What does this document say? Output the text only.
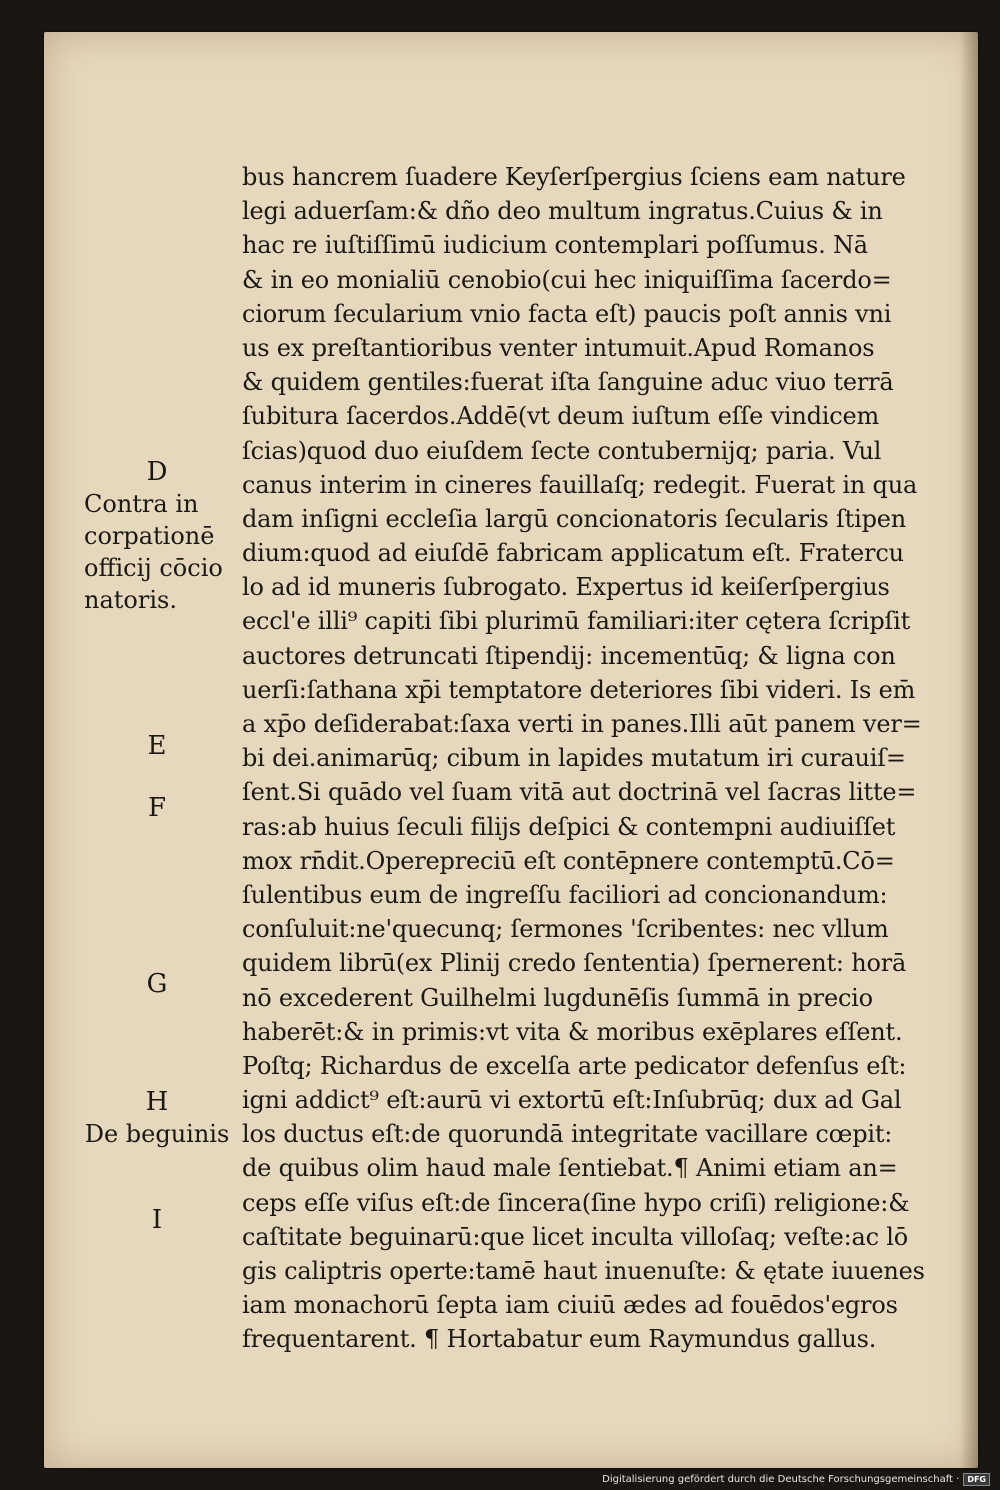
bus hancrem ſuadere Keyſerſpergius ſciens eam nature
legi aduerſam:& dño deo multum ingratus.Cuius & in
hac re iuſtiſſimū iudicium contemplari poſſumus. Nā
& in eo monialiū cenobio(cui hec iniquiſſima ſacerdo=
ciorum ſecularium vnio facta eſt) paucis poſt annis vni
us ex preſtantioribus venter intumuit.Apud Romanos
& quidem gentiles:fuerat iſta ſanguine aduc viuo terrā
ſubitura ſacerdos.Addē(vt deum iuſtum eſſe vindicem
ſcias)quod duo eiuſdem ſecte contubernijq; paria. Vul
canus interim in cineres fauillaſq; redegit. Fuerat in qua
dam inſigni eccleſia largū concionatoris ſecularis ſtipen
dium:quod ad eiuſdē fabricam applicatum eſt. Fratercu
lo ad id muneris ſubrogato. Expertus id keiſerſpergius
eccl'e illi⁹ capiti ſibi plurimū familiari:iter cętera ſcripſit
auctores detruncati ſtipendij: incementūq; & ligna con
uerſi:ſathana xp̄i temptatore deteriores ſibi videri. Is em̄
a xp̄o deſiderabat:ſaxa verti in panes.Illi aūt panem ver=
bi dei.animarūq; cibum in lapides mutatum iri curauiſ=
ſent.Si quādo vel ſuam vitā aut doctrinā vel ſacras litte=
ras:ab huius ſeculi filijs deſpici & contempni audiuiſſet
mox rn̄dit.Operepreciū eſt contēpnere contemptū.Cō=
ſulentibus eum de ingreſſu faciliori ad concionandum:
conſuluit:ne'quecunq; ſermones 'ſcribentes: nec vllum
quidem librū(ex Plinij credo ſententia) ſpernerent: horā
nō excederent Guilhelmi lugdunēſis ſummā in precio
haberēt:& in primis:vt vita & moribus exēplares eſſent.
Poſtq; Richardus de excelſa arte pedicator defenſus eſt:
igni addict⁹ eſt:aurū vi extortū eſt:Inſubrūq; dux ad Gal
los ductus eſt:de quorundā integritate vacillare cœpit:
de quibus olim haud male ſentiebat.¶ Animi etiam an=
ceps eſſe viſus eſt:de ſincera(ſine hypo criſi) religione:&
caſtitate beguinarū:que licet inculta villoſaq; veſte:ac lō
gis caliptris operte:tamē haut inuenuſte: & ętate iuuenes
iam monachorū ſepta iam ciuiū ædes ad fouēdos'egros
frequentarent. ¶ Hortabatur eum Raymundus gallus.
D
Contra in
corpationē
officij cōcio
natoris.
E
F
G
H
De beguinis
I
Digitalisierung gefördert durch die Deutsche Forschungsgemeinschaft ·	DFG
